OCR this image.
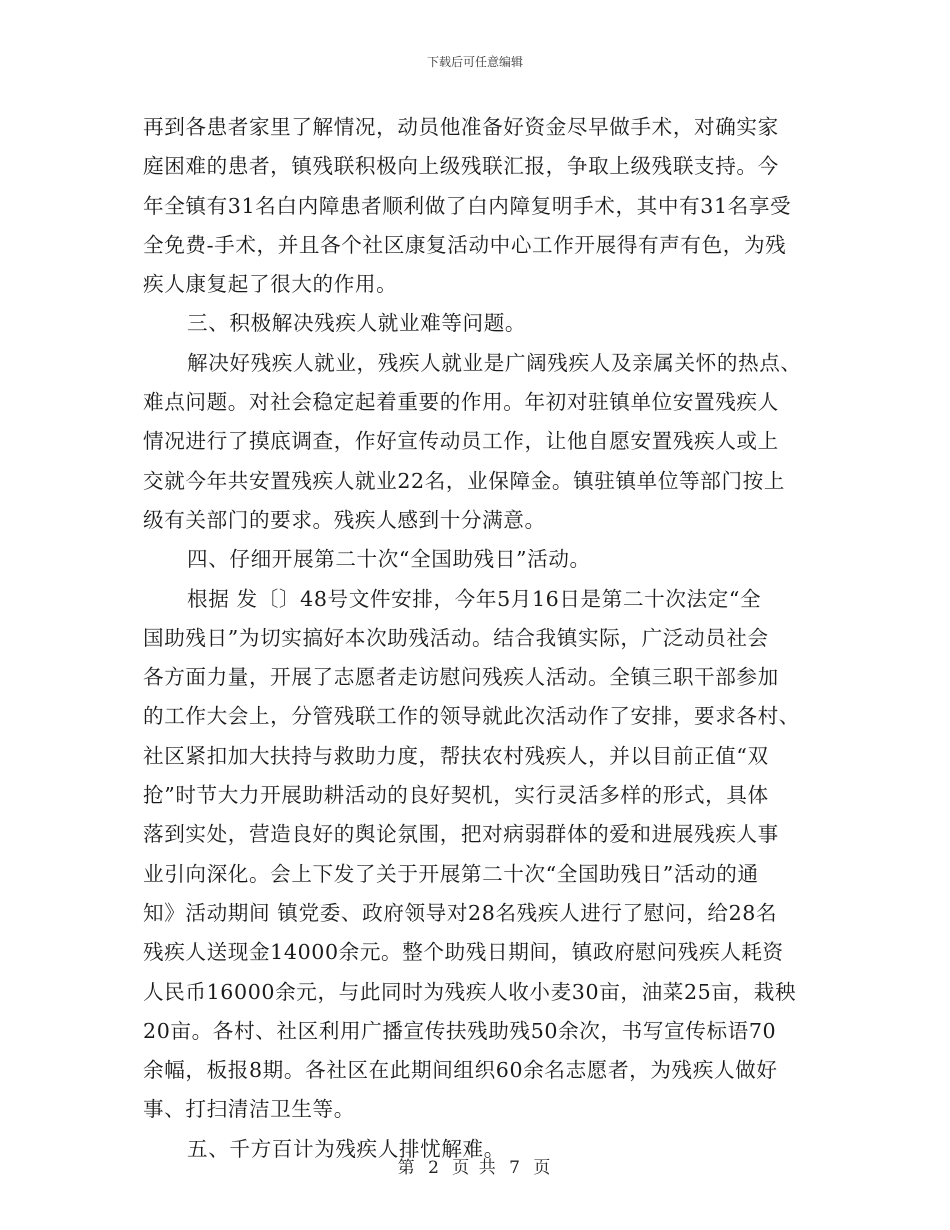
下载后可任意编辑
再到各患者家里了解情况，动员他准备好资金尽早做手术，对确实家
庭困难的患者，镇残联积极向上级残联汇报，争取上级残联支持。今
年全镇有31名白内障患者顺利做了白内障复明手术，其中有31名享受
全免费-手术，并且各个社区康复活动中心工作开展得有声有色，为残
疾人康复起了很大的作用。
三、积极解决残疾人就业难等问题。
解决好残疾人就业，残疾人就业是广阔残疾人及亲属关怀的热点、
难点问题。对社会稳定起着重要的作用。年初对驻镇单位安置残疾人
情况进行了摸底调查，作好宣传动员工作，让他自愿安置残疾人或上
交就今年共安置残疾人就业22名，业保障金。镇驻镇单位等部门按上
级有关部门的要求。残疾人感到十分满意。
四、仔细开展第二十次“全国助残日”活动。
根据 发〔〕48号文件安排，今年5月16日是第二十次法定“全
国助残日”为切实搞好本次助残活动。结合我镇实际，广泛动员社会
各方面力量，开展了志愿者走访慰问残疾人活动。全镇三职干部参加
的工作大会上，分管残联工作的领导就此次活动作了安排，要求各村、
社区紧扣加大扶持与救助力度，帮扶农村残疾人，并以目前正值“双
抢”时节大力开展助耕活动的良好契机，实行灵活多样的形式，具体
落到实处，营造良好的舆论氛围，把对病弱群体的爱和进展残疾人事
业引向深化。会上下发了关于开展第二十次“全国助残日”活动的通
知》活动期间 镇党委、政府领导对28名残疾人进行了慰问，给28名
残疾人送现金14000余元。整个助残日期间，镇政府慰问残疾人耗资
人民币16000余元，与此同时为残疾人收小麦30亩，油菜25亩，栽秧
20亩。各村、社区利用广播宣传扶残助残50余次，书写宣传标语70
余幅，板报8期。各社区在此期间组织60余名志愿者，为残疾人做好
事、打扫清洁卫生等。
五、千方百计为残疾人排忧解难。
第 2 页 共 7 页
